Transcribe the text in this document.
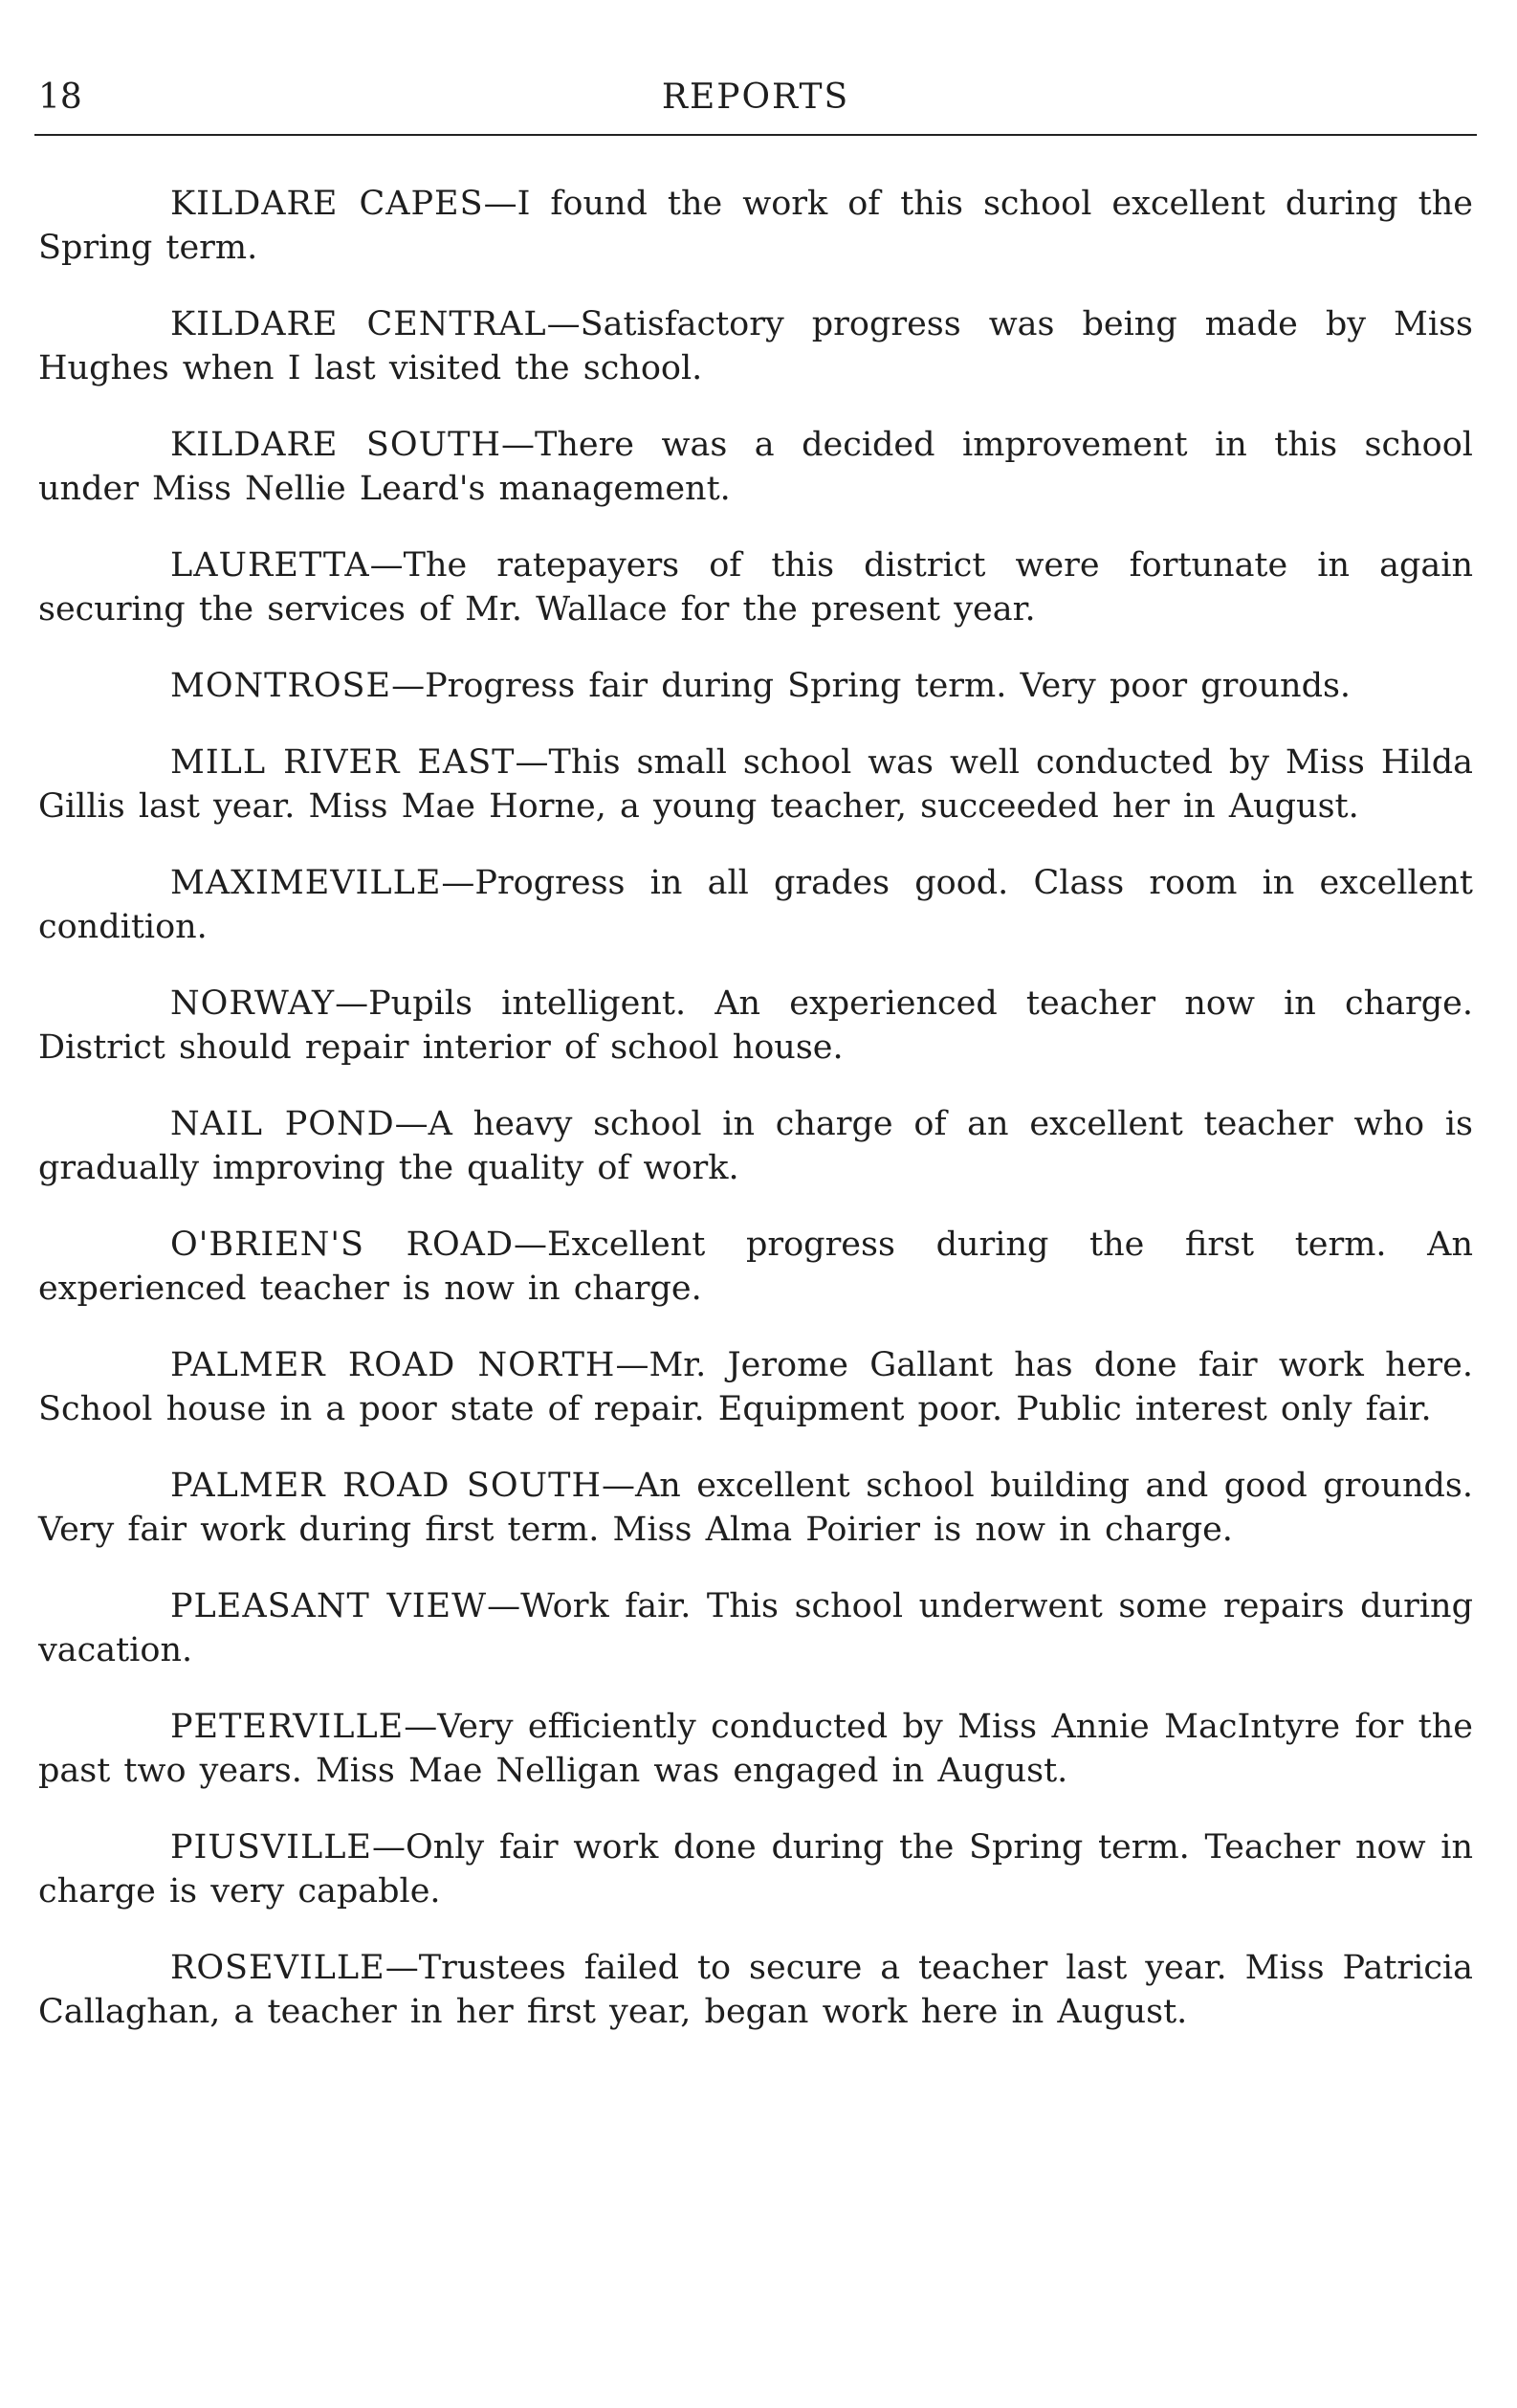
18	REPORTS

KILDARE CAPES—I found the work of this school excellent during the Spring term.

KILDARE CENTRAL—Satisfactory progress was being made by Miss Hughes when I last visited the school.

KILDARE SOUTH—There was a decided improvement in this school under Miss Nellie Leard's management.

LAURETTA—The ratepayers of this district were fortunate in again securing the services of Mr. Wallace for the present year.

MONTROSE—Progress fair during Spring term. Very poor grounds.

MILL RIVER EAST—This small school was well conducted by Miss Hilda Gillis last year. Miss Mae Horne, a young teacher, succeeded her in August.

MAXIMEVILLE—Progress in all grades good. Class room in excellent condition.

NORWAY—Pupils intelligent. An experienced teacher now in charge. District should repair interior of school house.

NAIL POND—A heavy school in charge of an excellent teacher who is gradually improving the quality of work.

O'BRIEN'S ROAD—Excellent progress during the first term. An experienced teacher is now in charge.

PALMER ROAD NORTH—Mr. Jerome Gallant has done fair work here. School house in a poor state of repair. Equipment poor. Public interest only fair.

PALMER ROAD SOUTH—An excellent school building and good grounds. Very fair work during first term. Miss Alma Poirier is now in charge.

PLEASANT VIEW—Work fair. This school underwent some repairs during vacation.

PETERVILLE—Very efficiently conducted by Miss Annie MacIntyre for the past two years. Miss Mae Nelligan was engaged in August.

PIUSVILLE—Only fair work done during the Spring term. Teacher now in charge is very capable.

ROSEVILLE—Trustees failed to secure a teacher last year. Miss Patricia Callaghan, a teacher in her first year, began work here in August.
